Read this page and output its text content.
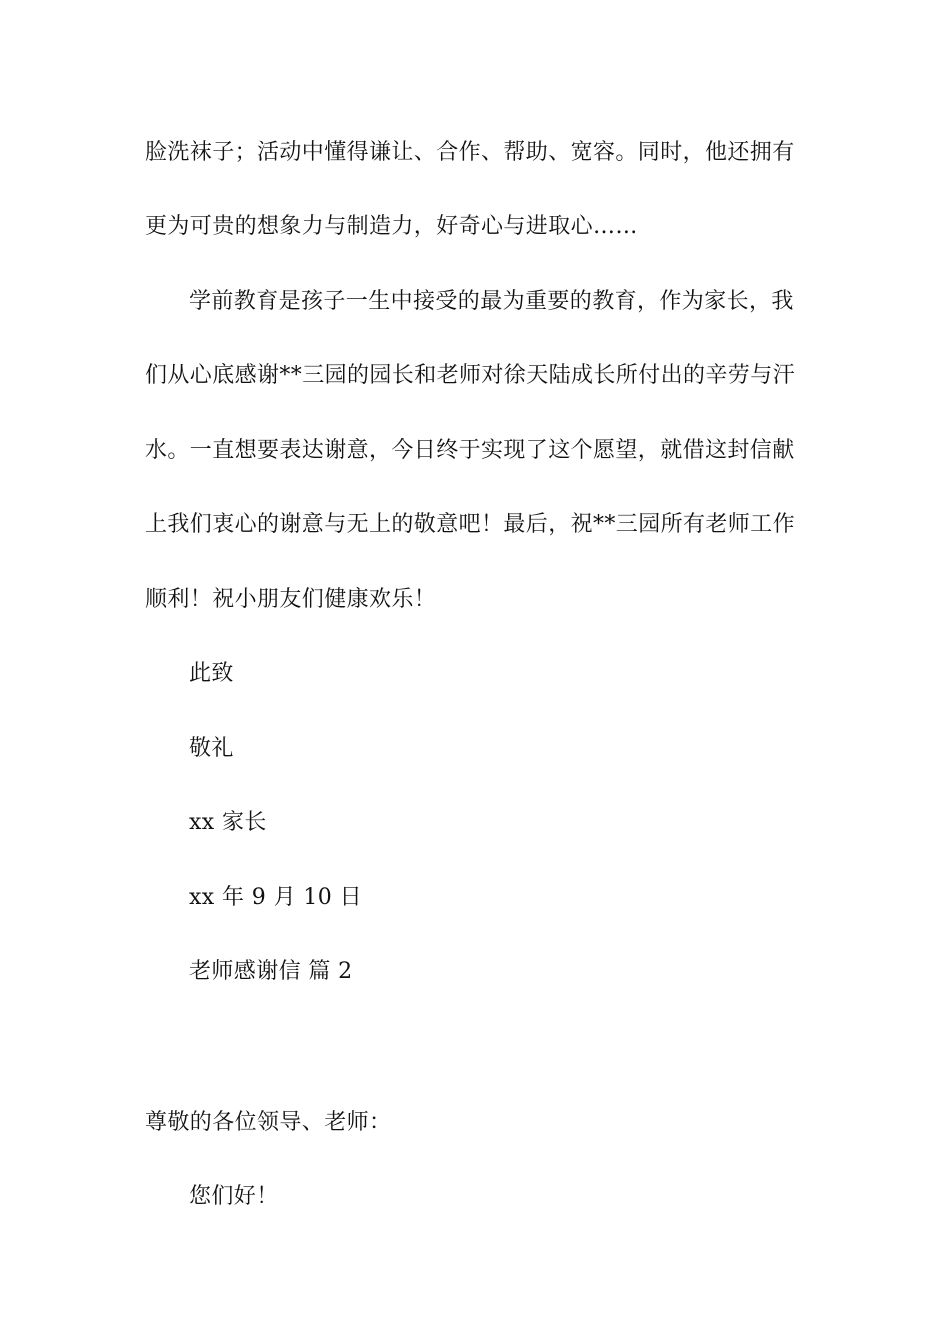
脸洗袜子；活动中懂得谦让、合作、帮助、宽容。同时，他还拥有
更为可贵的想象力与制造力，好奇心与进取心……
学前教育是孩子一生中接受的最为重要的教育，作为家长，我
们从心底感谢**三园的园长和老师对徐天陆成长所付出的辛劳与汗
水。一直想要表达谢意，今日终于实现了这个愿望，就借这封信献
上我们衷心的谢意与无上的敬意吧！最后，祝**三园所有老师工作
顺利！祝小朋友们健康欢乐！
此致
敬礼
xx 家长
xx 年 9 月 10 日
老师感谢信 篇 2
尊敬的各位领导、老师：
您们好！
